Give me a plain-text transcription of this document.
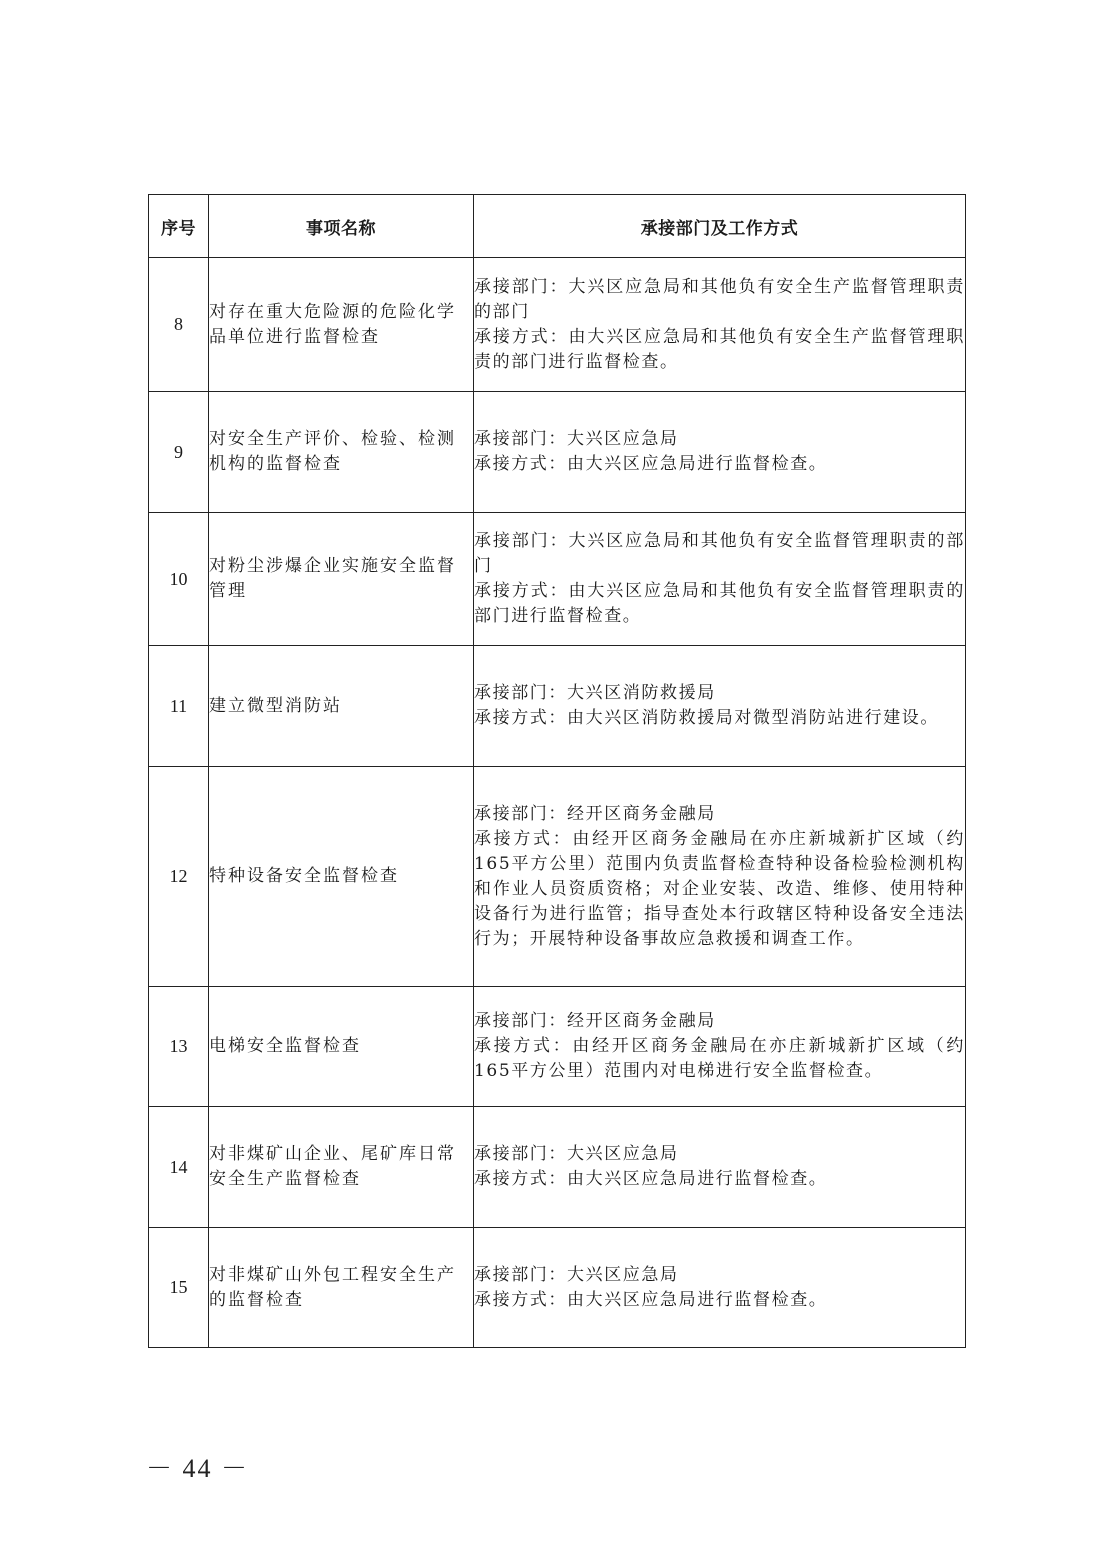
序号	事项名称	承接部门及工作方式
8	对存在重大危险源的危险化学品单位进行监督检查	承接部门：大兴区应急局和其他负有安全生产监督管理职责的部门
承接方式：由大兴区应急局和其他负有安全生产监督管理职责的部门进行监督检查。

9	对安全生产评价、检验、检测机构的监督检查	承接部门：大兴区应急局
承接方式：由大兴区应急局进行监督检查。

10	对粉尘涉爆企业实施安全监督管理	承接部门：大兴区应急局和其他负有安全监督管理职责的部门
承接方式：由大兴区应急局和其他负有安全监督管理职责的部门进行监督检查。

11	建立微型消防站	承接部门：大兴区消防救援局
承接方式：由大兴区消防救援局对微型消防站进行建设。

12	特种设备安全监督检查	承接部门：经开区商务金融局
承接方式：由经开区商务金融局在亦庄新城新扩区域（约165平方公里）范围内负责监督检查特种设备检验检测机构和作业人员资质资格；对企业安装、改造、维修、使用特种设备行为进行监管；指导查处本行政辖区特种设备安全违法行为；开展特种设备事故应急救援和调查工作。

13	电梯安全监督检查	承接部门：经开区商务金融局
承接方式：由经开区商务金融局在亦庄新城新扩区域（约165平方公里）范围内对电梯进行安全监督检查。

14	对非煤矿山企业、尾矿库日常安全生产监督检查	承接部门：大兴区应急局
承接方式：由大兴区应急局进行监督检查。

15	对非煤矿山外包工程安全生产的监督检查	承接部门：大兴区应急局
承接方式：由大兴区应急局进行监督检查。
－ 44 －
